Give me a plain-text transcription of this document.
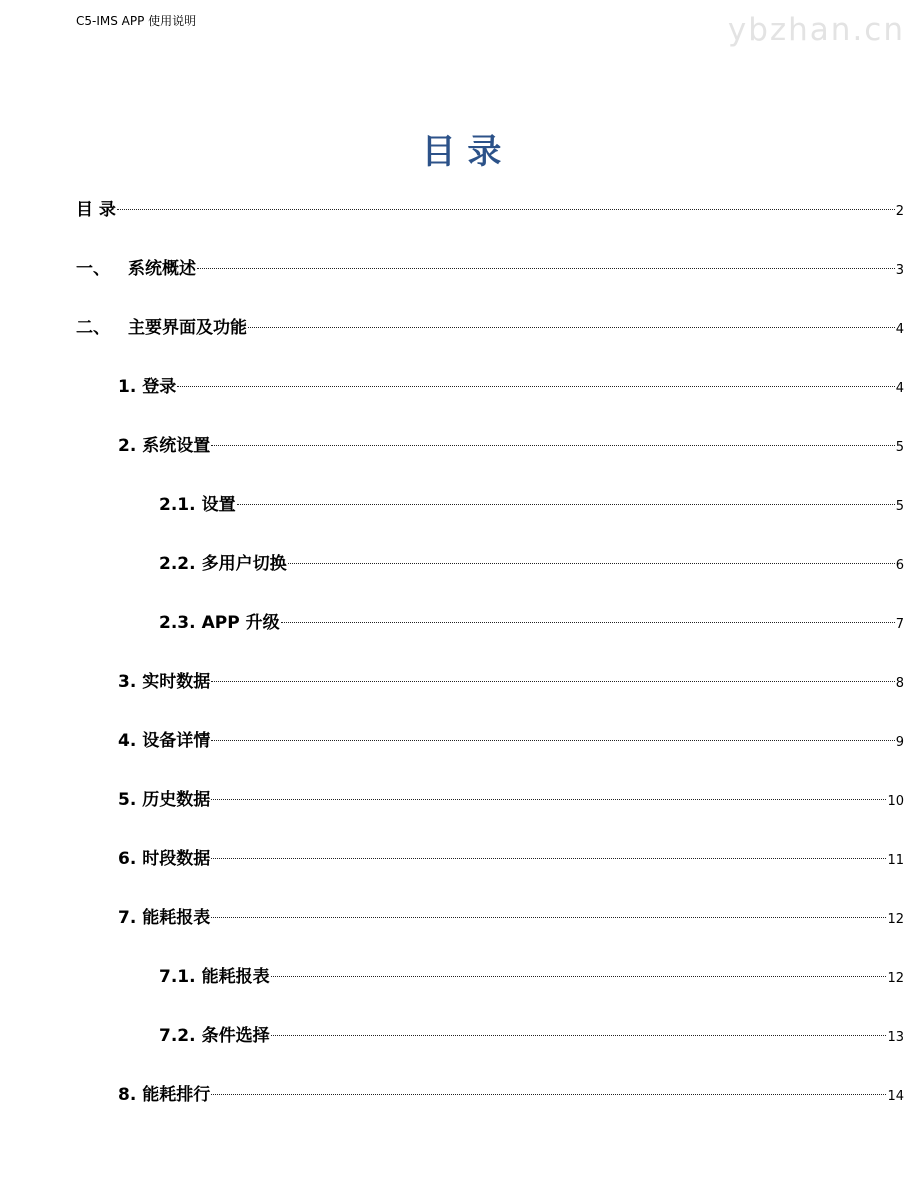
C5-IMS APP 使用说明	ybzhan.cn
目 录
目 录	2
一、	系统概述	3
二、	主要界面及功能	4
1. 登录	4
2. 系统设置	5
2.1. 设置	5
2.2. 多用户切换	6
2.3. APP 升级	7
3. 实时数据	8
4. 设备详情	9
5. 历史数据	10
6. 时段数据	11
7. 能耗报表	12
7.1. 能耗报表	12
7.2. 条件选择	13
8. 能耗排行	14
